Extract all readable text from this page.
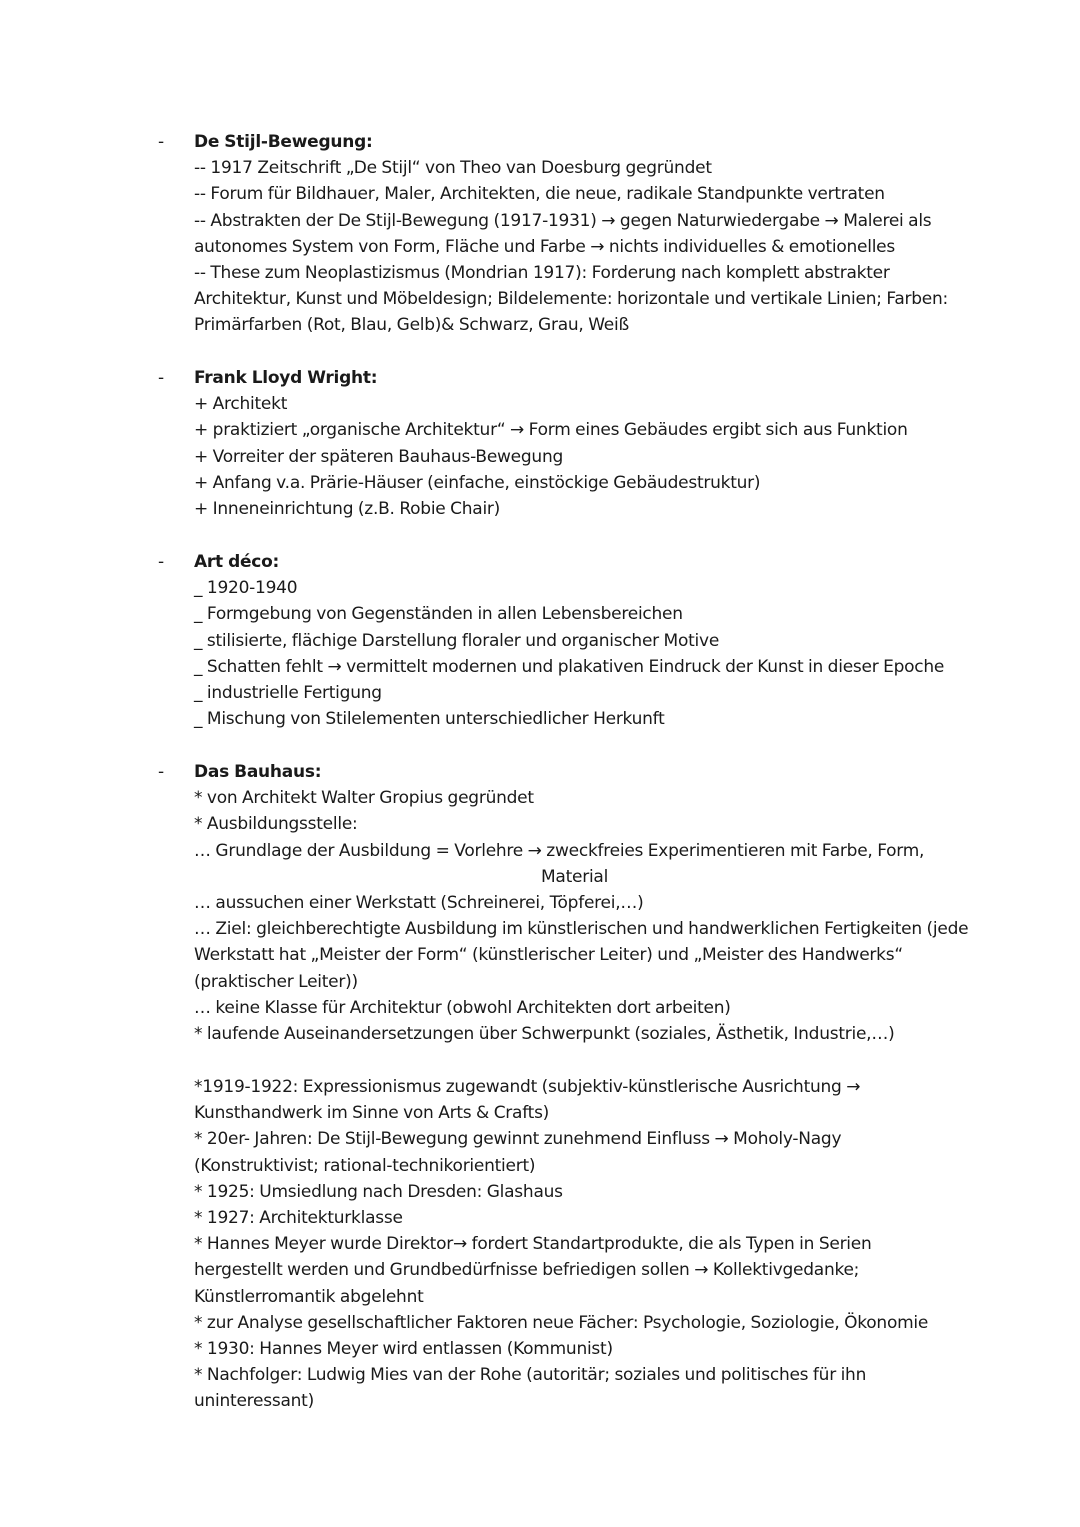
- De Stijl-Bewegung:
-- 1917 Zeitschrift „De Stijl“ von Theo van Doesburg gegründet
-- Forum für Bildhauer, Maler, Architekten, die neue, radikale Standpunkte vertraten
-- Abstrakten der De Stijl-Bewegung (1917-1931) → gegen Naturwiedergabe → Malerei als
autonomes System von Form, Fläche und Farbe → nichts individuelles & emotionelles
-- These zum Neoplastizismus (Mondrian 1917): Forderung nach komplett abstrakter
Architektur, Kunst und Möbeldesign; Bildelemente: horizontale und vertikale Linien; Farben:
Primärfarben (Rot, Blau, Gelb)& Schwarz, Grau, Weiß
- Frank Lloyd Wright:
+ Architekt
+ praktiziert „organische Architektur“ → Form eines Gebäudes ergibt sich aus Funktion
+ Vorreiter der späteren Bauhaus-Bewegung
+ Anfang v.a. Prärie-Häuser (einfache, einstöckige Gebäudestruktur)
+ Inneneinrichtung (z.B. Robie Chair)
- Art déco:
_ 1920-1940
_ Formgebung von Gegenständen in allen Lebensbereichen
_ stilisierte, flächige Darstellung floraler und organischer Motive
_ Schatten fehlt → vermittelt modernen und plakativen Eindruck der Kunst in dieser Epoche
_ industrielle Fertigung
_ Mischung von Stilelementen unterschiedlicher Herkunft
- Das Bauhaus:
* von Architekt Walter Gropius gegründet
* Ausbildungsstelle:
… Grundlage der Ausbildung = Vorlehre → zweckfreies Experimentieren mit Farbe, Form,
Material
… aussuchen einer Werkstatt (Schreinerei, Töpferei,…)
… Ziel: gleichberechtigte Ausbildung im künstlerischen und handwerklichen Fertigkeiten (jede
Werkstatt hat „Meister der Form“ (künstlerischer Leiter) und „Meister des Handwerks“
(praktischer Leiter))
… keine Klasse für Architektur (obwohl Architekten dort arbeiten)
* laufende Auseinandersetzungen über Schwerpunkt (soziales, Ästhetik, Industrie,…)
*1919-1922: Expressionismus zugewandt (subjektiv-künstlerische Ausrichtung →
Kunsthandwerk im Sinne von Arts & Crafts)
* 20er- Jahren: De Stijl-Bewegung gewinnt zunehmend Einfluss → Moholy-Nagy
(Konstruktivist; rational-technikorientiert)
* 1925: Umsiedlung nach Dresden: Glashaus
* 1927: Architekturklasse
* Hannes Meyer wurde Direktor→ fordert Standartprodukte, die als Typen in Serien
hergestellt werden und Grundbedürfnisse befriedigen sollen → Kollektivgedanke;
Künstlerromantik abgelehnt
* zur Analyse gesellschaftlicher Faktoren neue Fächer: Psychologie, Soziologie, Ökonomie
* 1930: Hannes Meyer wird entlassen (Kommunist)
* Nachfolger: Ludwig Mies van der Rohe (autoritär; soziales und politisches für ihn
uninteressant)
